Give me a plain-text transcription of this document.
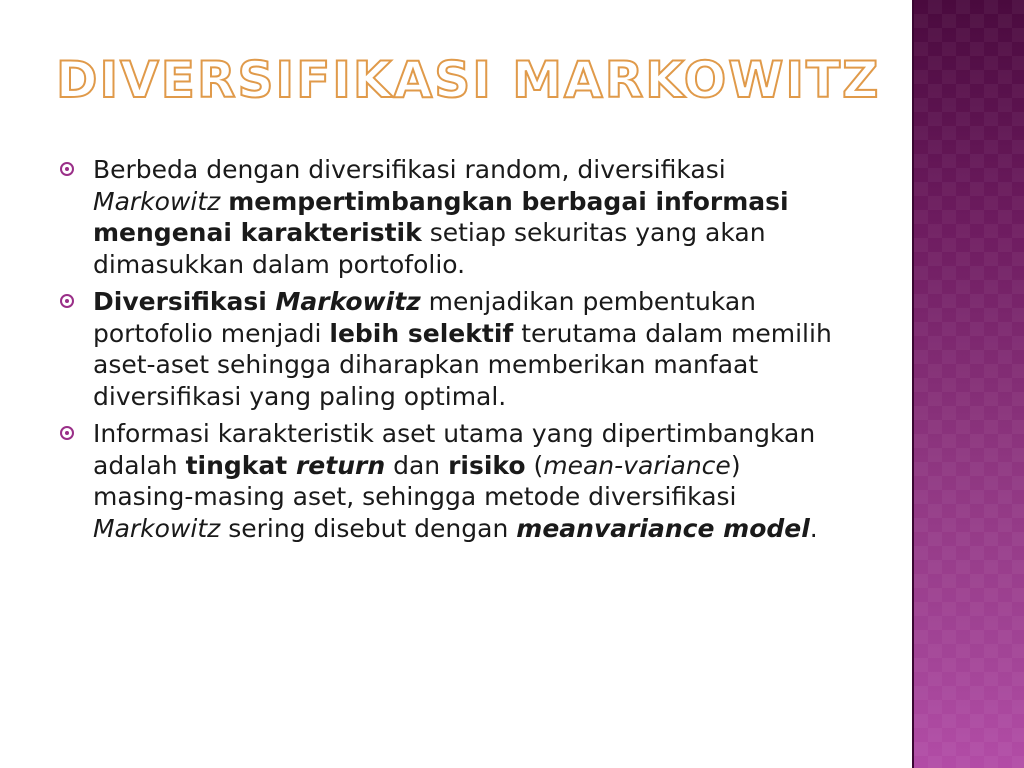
DIVERSIFIKASI MARKOWITZ
Berbeda dengan diversifikasi random, diversifikasi Markowitz mempertimbangkan berbagai informasi mengenai karakteristik setiap sekuritas yang akan dimasukkan dalam portofolio.
Diversifikasi Markowitz menjadikan pembentukan portofolio menjadi lebih selektif terutama dalam memilih aset-aset sehingga diharapkan memberikan manfaat diversifikasi yang paling optimal.
Informasi karakteristik aset utama yang dipertimbangkan adalah tingkat return dan risiko (mean-variance) masing-masing aset, sehingga metode diversifikasi Markowitz sering disebut dengan meanvariance model.
